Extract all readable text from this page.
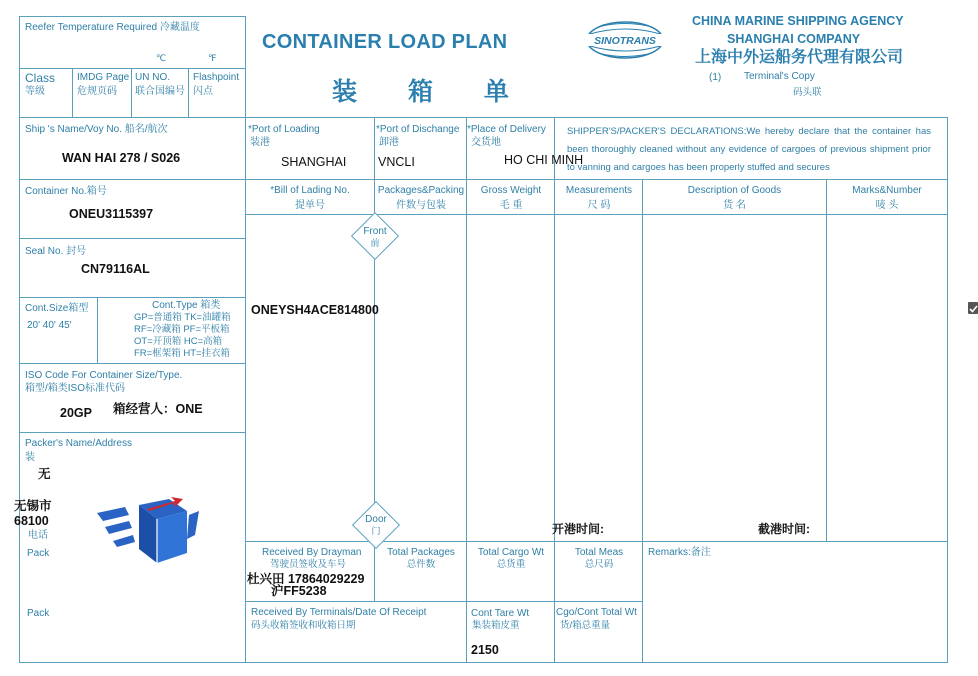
CONTAINER LOAD PLAN
装 箱 单
SINOTRANS
CHINA MARINE SHIPPING AGENCY
SHANGHAI COMPANY
上海中外运船务代理有限公司
(1) Terminal's Copy
码头联
Reefer Temperature Required 冷藏温度
℃	℉
Class
等级
IMDG Page
危规页码
UN NO.
联合国编号
Flashpoint
闪点
Ship 's Name/Voy No. 船名/航次
WAN HAI 278 / S026
Container No.箱号
ONEU3115397
Seal No. 封号
CN79116AL
Cont.Size箱型
20' 40' 45'
Cont.Type 箱类
GP=普通箱 TK=油罐箱
RF=冷藏箱 PF=平板箱
OT=开顶箱 HC=高箱
FR=框架箱 HT=挂衣箱
ISO Code For Container Size/Type.
箱型/箱类ISO标准代码
20GP 箱经营人：ONE
Packer's Name/Address
装
无
无锡市
68100
电话
Pack
Pack
*Port of Loading
装港
SHANGHAI
*Port of Dischange
卸港
VNCLI
*Place of Delivery
交货地
HO CHI MINH
SHIPPER'S/PACKER'S DECLARATIONS:We hereby declare that the container has been thoroughly cleaned without any evidence of cargoes of previous shipment prior to vanning and cargoes has been properly stuffed and secures
*Bill of Lading No.
提单号
Packages&Packing
件数与包装
Gross Weight
毛 重
Measurements
尺 码
Description of Goods
货 名
Marks&Number
唛 头
Front
前
Door
门
ONEYSH4ACE814800
开港时间:	截港时间:
Received By Drayman
驾驶员签收及车号
杜兴田 17864029229
沪FF5238
Total Packages
总件数
Total Cargo Wt
总货重
Total Meas
总尺码
Remarks:备注
Received By Terminals/Date Of Receipt
码头收箱签收和收箱日期
Cont Tare Wt
集装箱皮重
2150
Cgo/Cont Total Wt
货/箱总重量
